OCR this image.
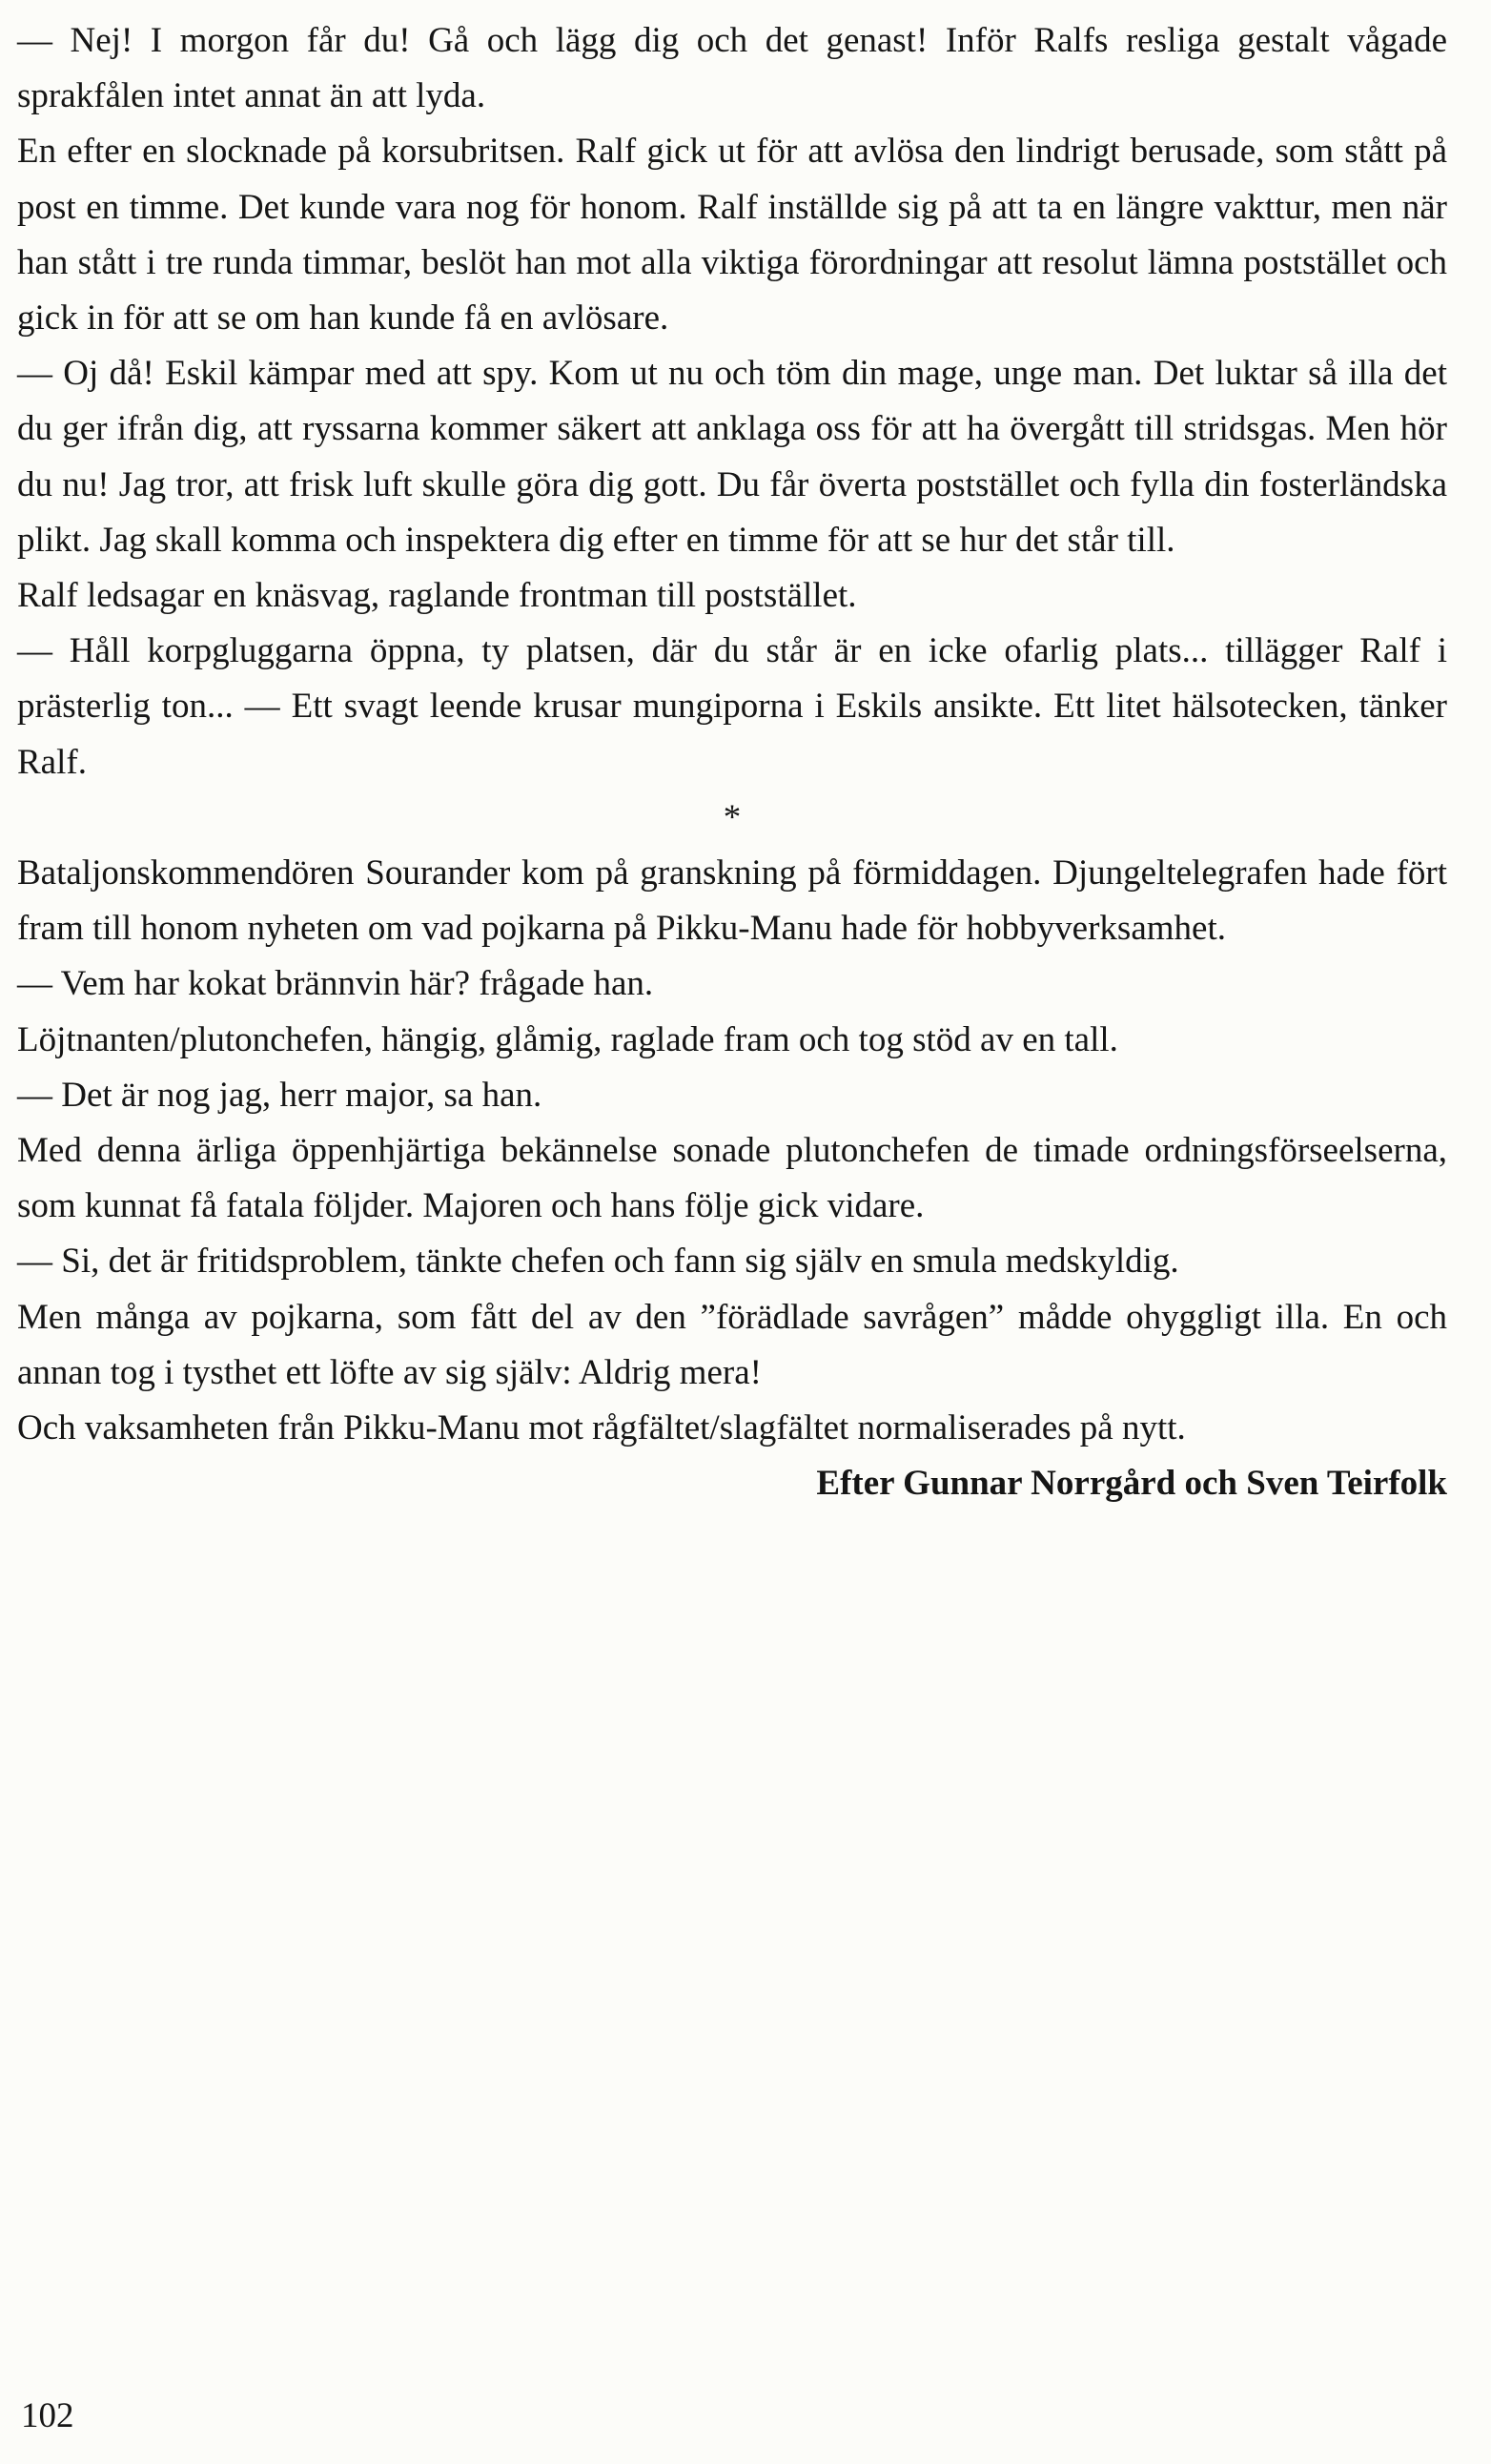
— Nej! I morgon får du! Gå och lägg dig och det genast! Inför Ralfs resliga gestalt vågade sprakfålen intet annat än att lyda.

En efter en slocknade på korsubritsen. Ralf gick ut för att avlösa den lindrigt berusade, som stått på post en timme. Det kunde vara nog för honom. Ralf inställde sig på att ta en längre vakttur, men när han stått i tre runda timmar, beslöt han mot alla viktiga förordningar att resolut lämna poststället och gick in för att se om han kunde få en avlösare.

— Oj då! Eskil kämpar med att spy. Kom ut nu och töm din mage, unge man. Det luktar så illa det du ger ifrån dig, att ryssarna kommer säkert att anklaga oss för att ha övergått till stridsgas. Men hör du nu! Jag tror, att frisk luft skulle göra dig gott. Du får överta poststället och fylla din fosterländska plikt. Jag skall komma och inspektera dig efter en timme för att se hur det står till.

Ralf ledsagar en knäsvag, raglande frontman till poststället.

— Håll korpgluggarna öppna, ty platsen, där du står är en icke ofarlig plats... tillägger Ralf i prästerlig ton... — Ett svagt leende krusar mungiporna i Eskils ansikte. Ett litet hälsotecken, tänker Ralf.

*

Bataljonskommendören Sourander kom på granskning på förmiddagen. Djungeltelegrafen hade fört fram till honom nyheten om vad pojkarna på Pikku-Manu hade för hobbyverksamhet.

— Vem har kokat brännvin här? frågade han.

Löjtnanten/plutonchefen, hängig, glåmig, raglade fram och tog stöd av en tall.

— Det är nog jag, herr major, sa han.

Med denna ärliga öppenhjärtiga bekännelse sonade plutonchefen de timade ordningsförseelserna, som kunnat få fatala följder. Majoren och hans följe gick vidare.

— Si, det är fritidsproblem, tänkte chefen och fann sig själv en smula medskyldig.

Men många av pojkarna, som fått del av den ”förädlade savrågen” mådde ohyggligt illa. En och annan tog i tysthet ett löfte av sig själv: Aldrig mera!

Och vaksamheten från Pikku-Manu mot rågfältet/slagfältet normaliserades på nytt.

Efter Gunnar Norrgård och Sven Teirfolk

102
